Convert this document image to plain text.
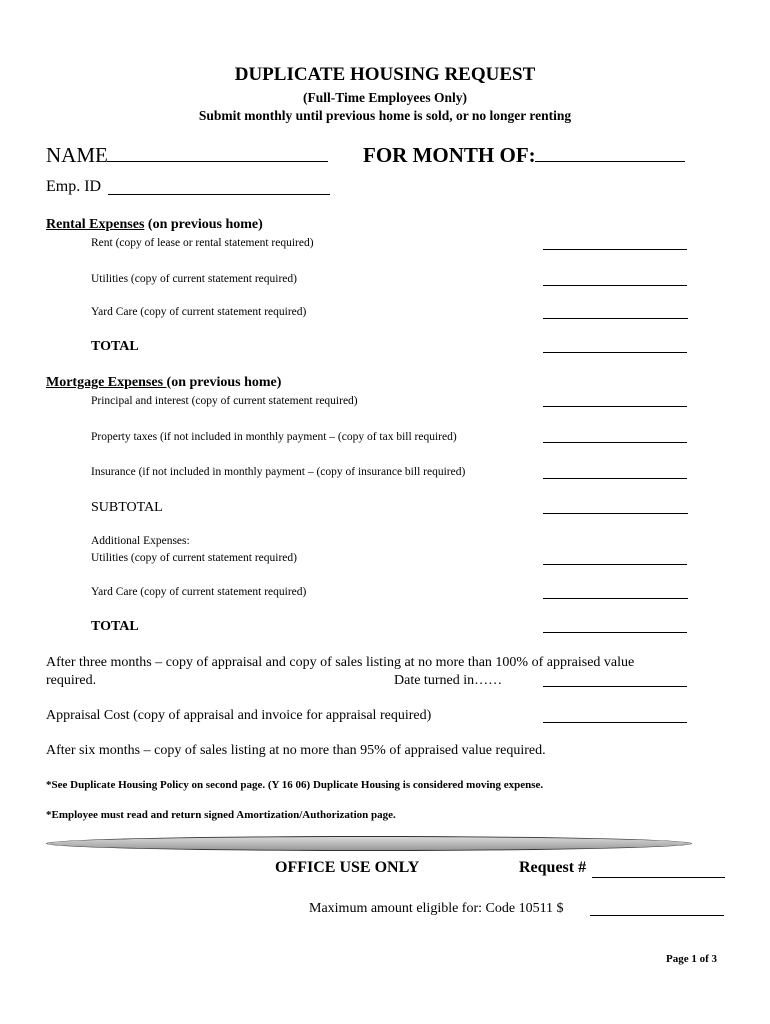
DUPLICATE HOUSING REQUEST
(Full-Time Employees Only)
Submit monthly until previous home is sold, or no longer renting
NAME	FOR MONTH OF:
Emp. ID
Rental Expenses (on previous home)
Rent (copy of lease or rental statement required)
Utilities (copy of current statement required)
Yard Care (copy of current statement required)
TOTAL
Mortgage Expenses (on previous home)
Principal and interest (copy of current statement required)
Property taxes (if not included in monthly payment – (copy of tax bill required)
Insurance (if not included in monthly payment – (copy of insurance bill required)
SUBTOTAL
Additional Expenses:
Utilities (copy of current statement required)
Yard Care (copy of current statement required)
TOTAL
After three months – copy of appraisal and copy of sales listing at no more than 100% of appraised value
required.	Date turned in……
Appraisal Cost (copy of appraisal and invoice for appraisal required)
After six months – copy of sales listing at no more than 95% of appraised value required.
*See Duplicate Housing Policy on second page. (Y 16 06) Duplicate Housing is considered moving expense.
*Employee must read and return signed Amortization/Authorization page.
OFFICE USE ONLY	Request #
Maximum amount eligible for: Code 10511 $
Page 1 of 3
